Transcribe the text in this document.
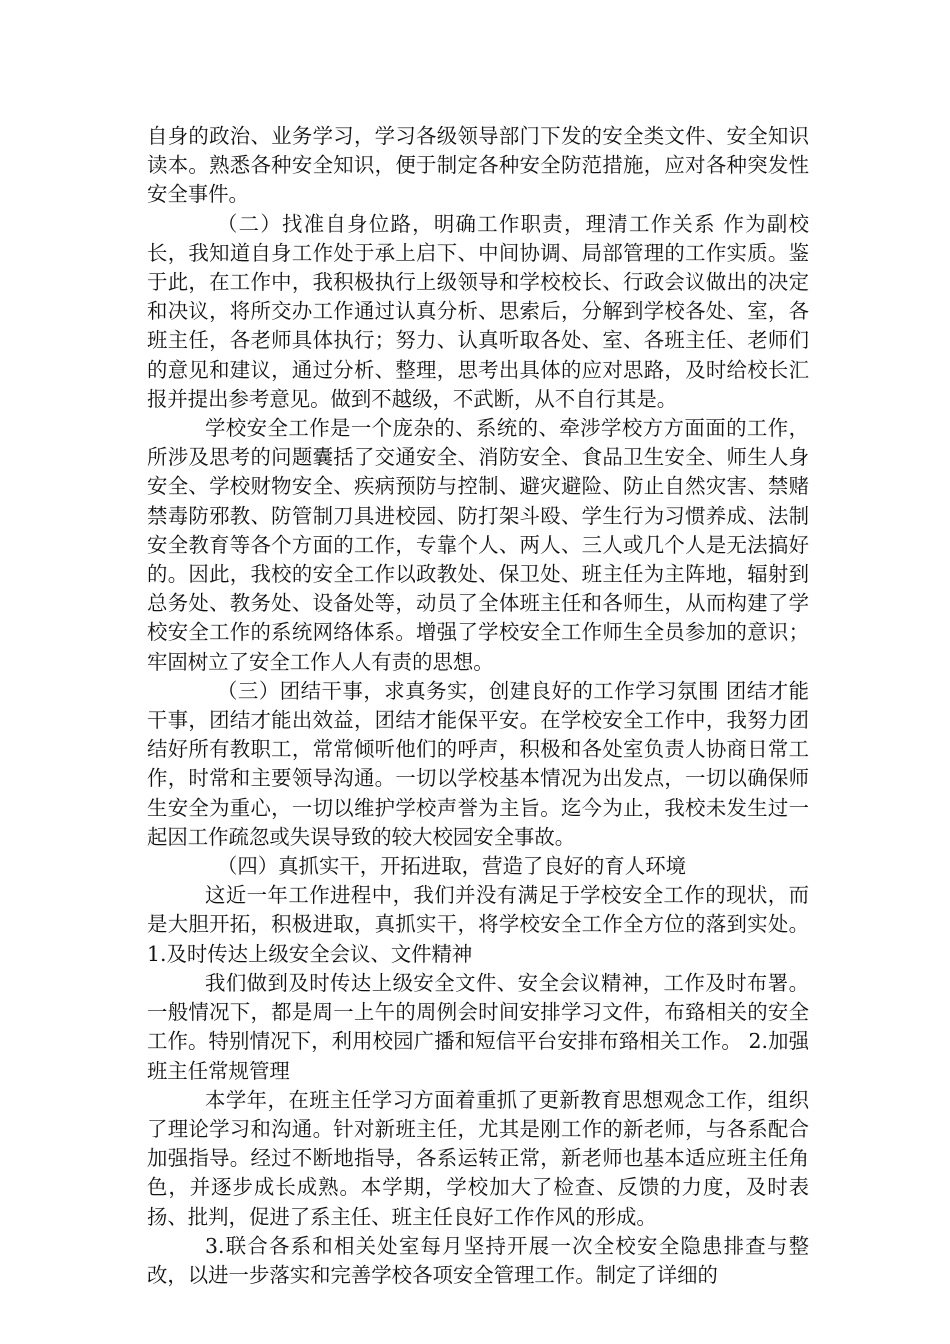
自身的政治、业务学习，学习各级领导部门下发的安全类文件、安全知识读本。熟悉各种安全知识，便于制定各种安全防范措施，应对各种突发性安全事件。

（二）找准自身位路，明确工作职责，理清工作关系 作为副校长，我知道自身工作处于承上启下、中间协调、局部管理的工作实质。鉴于此，在工作中，我积极执行上级领导和学校校长、行政会议做出的决定和决议，将所交办工作通过认真分析、思索后，分解到学校各处、室，各班主任，各老师具体执行；努力、认真听取各处、室、各班主任、老师们的意见和建议，通过分析、整理，思考出具体的应对思路，及时给校长汇报并提出参考意见。做到不越级，不武断，从不自行其是。

学校安全工作是一个庞杂的、系统的、牵涉学校方方面面的工作，所涉及思考的问题囊括了交通安全、消防安全、食品卫生安全、师生人身安全、学校财物安全、疾病预防与控制、避灾避险、防止自然灾害、禁赌禁毒防邪教、防管制刀具进校园、防打架斗殴、学生行为习惯养成、法制安全教育等各个方面的工作，专靠个人、两人、三人或几个人是无法搞好的。因此，我校的安全工作以政教处、保卫处、班主任为主阵地，辐射到总务处、教务处、设备处等，动员了全体班主任和各师生，从而构建了学校安全工作的系统网络体系。增强了学校安全工作师生全员参加的意识；牢固树立了安全工作人人有责的思想。

（三）团结干事，求真务实，创建良好的工作学习氛围 团结才能干事，团结才能出效益，团结才能保平安。在学校安全工作中，我努力团结好所有教职工，常常倾听他们的呼声，积极和各处室负责人协商日常工作，时常和主要领导沟通。一切以学校基本情况为出发点，一切以确保师生安全为重心，一切以维护学校声誉为主旨。迄今为止，我校未发生过一起因工作疏忽或失误导致的较大校园安全事故。

（四）真抓实干，开拓进取，营造了良好的育人环境

这近一年工作进程中，我们并没有满足于学校安全工作的现状，而是大胆开拓，积极进取，真抓实干，将学校安全工作全方位的落到实处。 1.及时传达上级安全会议、文件精神

我们做到及时传达上级安全文件、安全会议精神，工作及时布署。一般情况下，都是周一上午的周例会时间安排学习文件，布臵相关的安全工作。特别情况下，利用校园广播和短信平台安排布臵相关工作。 2.加强班主任常规管理

本学年，在班主任学习方面着重抓了更新教育思想观念工作，组织了理论学习和沟通。针对新班主任，尤其是刚工作的新老师，与各系配合加强指导。经过不断地指导，各系运转正常，新老师也基本适应班主任角色，并逐步成长成熟。本学期，学校加大了检查、反馈的力度，及时表扬、批判，促进了系主任、班主任良好工作作风的形成。

3.联合各系和相关处室每月坚持开展一次全校安全隐患排查与整改，以进一步落实和完善学校各项安全管理工作。制定了详细的
